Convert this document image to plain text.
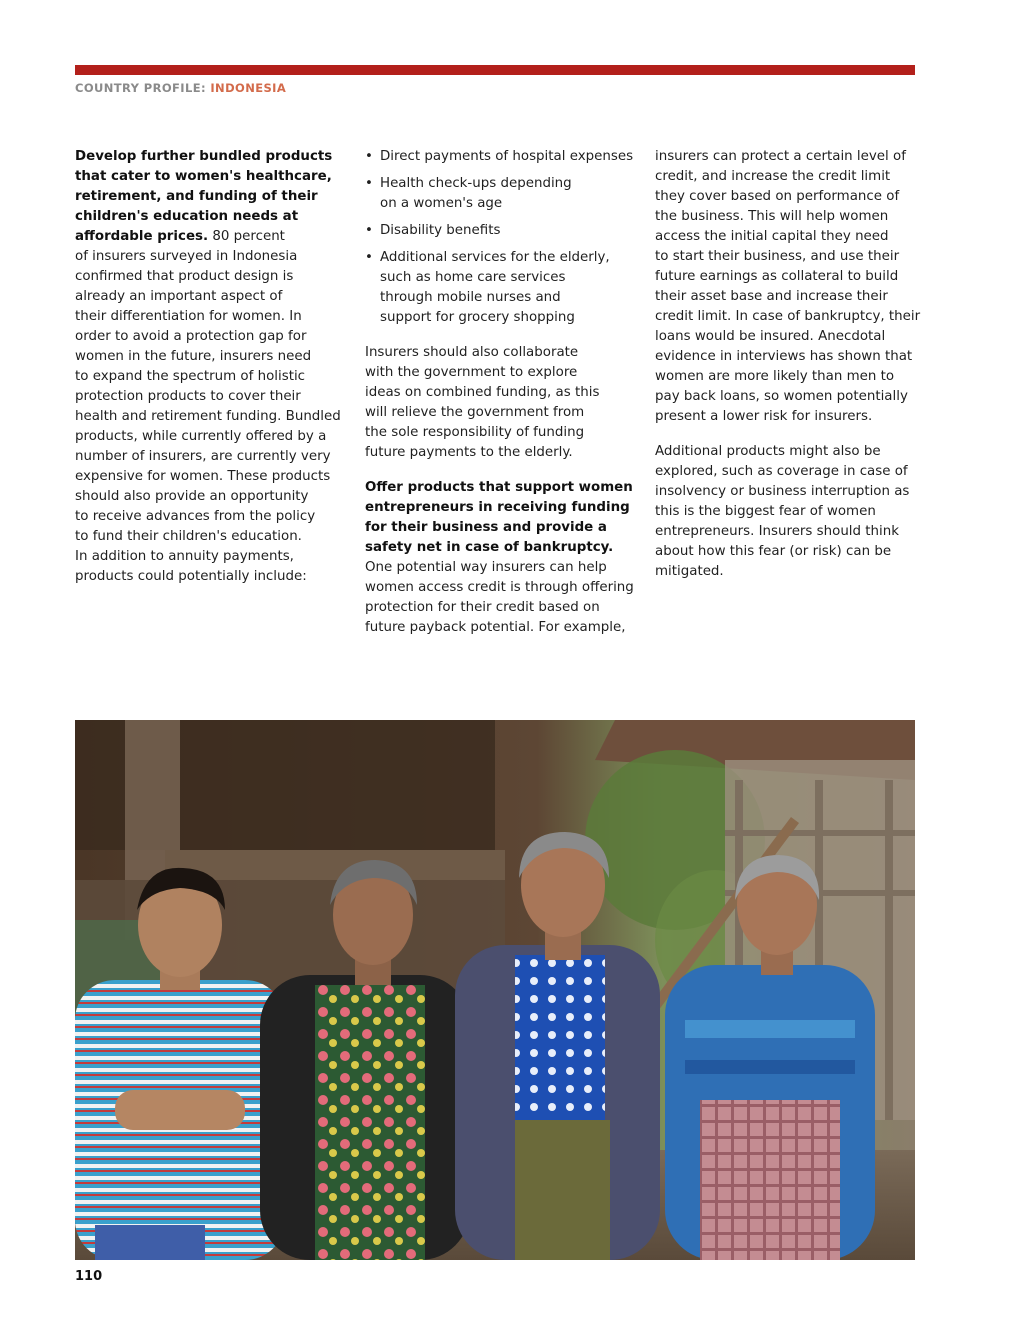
COUNTRY PROFILE: INDONESIA

Develop further bundled products
that cater to women's healthcare,
retirement, and funding of their
children's education needs at
affordable prices. 80 percent
of insurers surveyed in Indonesia
confirmed that product design is
already an important aspect of
their differentiation for women. In
order to avoid a protection gap for
women in the future, insurers need
to expand the spectrum of holistic
protection products to cover their
health and retirement funding. Bundled
products, while currently offered by a
number of insurers, are currently very
expensive for women. These products
should also provide an opportunity
to receive advances from the policy
to fund their children's education.
In addition to annuity payments,
products could potentially include:

• Direct payments of hospital expenses
• Health check-ups depending
on a women's age
• Disability benefits
• Additional services for the elderly,
such as home care services
through mobile nurses and
support for grocery shopping

Insurers should also collaborate
with the government to explore
ideas on combined funding, as this
will relieve the government from
the sole responsibility of funding
future payments to the elderly.

Offer products that support women
entrepreneurs in receiving funding
for their business and provide a
safety net in case of bankruptcy.
One potential way insurers can help
women access credit is through offering
protection for their credit based on
future payback potential. For example,

insurers can protect a certain level of
credit, and increase the credit limit
they cover based on performance of
the business. This will help women
access the initial capital they need
to start their business, and use their
future earnings as collateral to build
their asset base and increase their
credit limit. In case of bankruptcy, their
loans would be insured. Anecdotal
evidence in interviews has shown that
women are more likely than men to
pay back loans, so women potentially
present a lower risk for insurers.

Additional products might also be
explored, such as coverage in case of
insolvency or business interruption as
this is the biggest fear of women
entrepreneurs. Insurers should think
about how this fear (or risk) can be
mitigated.

110
